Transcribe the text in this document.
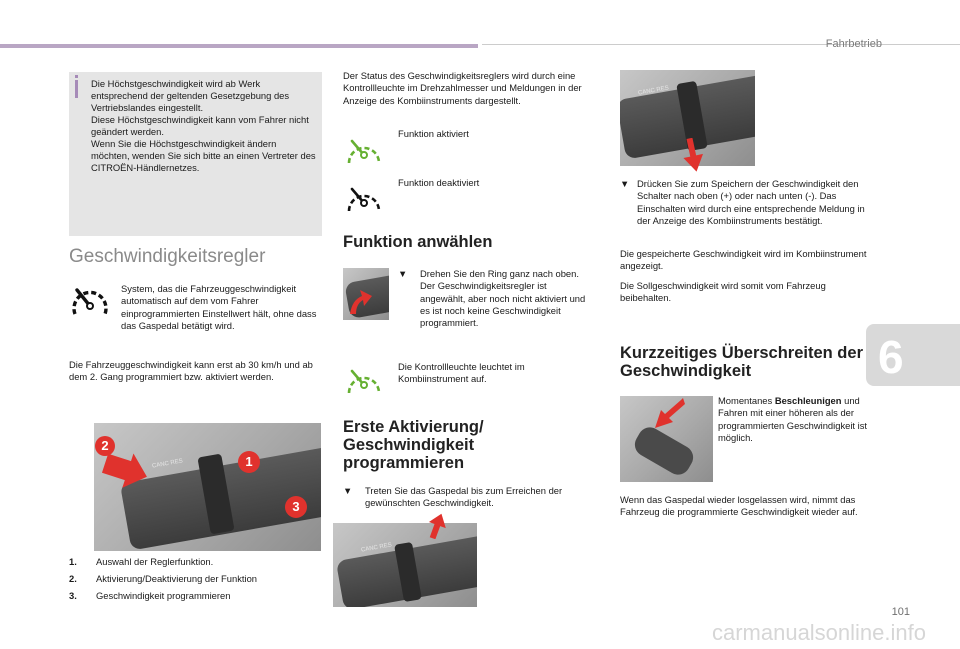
Fahrbetrieb

Die Höchstgeschwindigkeit wird ab Werk entsprechend der geltenden Gesetzgebung des Vertriebslandes eingestellt.

Diese Höchstgeschwindigkeit kann vom Fahrer nicht geändert werden.

Wenn Sie die Höchstgeschwindigkeit ändern möchten, wenden Sie sich bitte an einen Vertreter des CITROËN-Händlernetzes.

Geschwindigkeitsregler
System, das die Fahrzeuggeschwindigkeit automatisch auf dem vom Fahrer einprogrammierten Einstellwert hält, ohne dass das Gaspedal betätigt wird.
Die Fahrzeuggeschwindigkeit kann erst ab 30 km/h und ab dem 2. Gang programmiert bzw. aktiviert werden.
CANC RES
2
1
3
1. Auswahl der Reglerfunktion.
2. Aktivierung/Deaktivierung der Funktion
3. Geschwindigkeit programmieren
Der Status des Geschwindigkeitsreglers wird durch eine Kontrollleuchte im Drehzahlmesser und Meldungen in der Anzeige des Kombiinstruments dargestellt.
Funktion aktiviert
Funktion deaktiviert
Funktion anwählen
▼ Drehen Sie den Ring ganz nach oben. Der Geschwindigkeitsregler ist angewählt, aber noch nicht aktiviert und es ist noch keine Geschwindigkeit programmiert.
Die Kontrollleuchte leuchtet im Kombiinstrument auf.
Erste Aktivierung/ Geschwindigkeit programmieren
▼ Treten Sie das Gaspedal bis zum Erreichen der gewünschten Geschwindigkeit.
CANC RES
CANC RES
▼ Drücken Sie zum Speichern der Geschwindigkeit den Schalter nach oben (+) oder nach unten (-). Das Einschalten wird durch eine entsprechende Meldung in der Anzeige des Kombiinstruments bestätigt.
Die gespeicherte Geschwindigkeit wird im Kombiinstrument angezeigt.
Die Sollgeschwindigkeit wird somit vom Fahrzeug beibehalten.
Kurzzeitiges Überschreiten der Geschwindigkeit
Momentanes Beschleunigen und Fahren mit einer höheren als der programmierten Geschwindigkeit ist möglich.
Wenn das Gaspedal wieder losgelassen wird, nimmt das Fahrzeug die programmierte Geschwindigkeit wieder auf.
6
101
carmanualsonline.info
